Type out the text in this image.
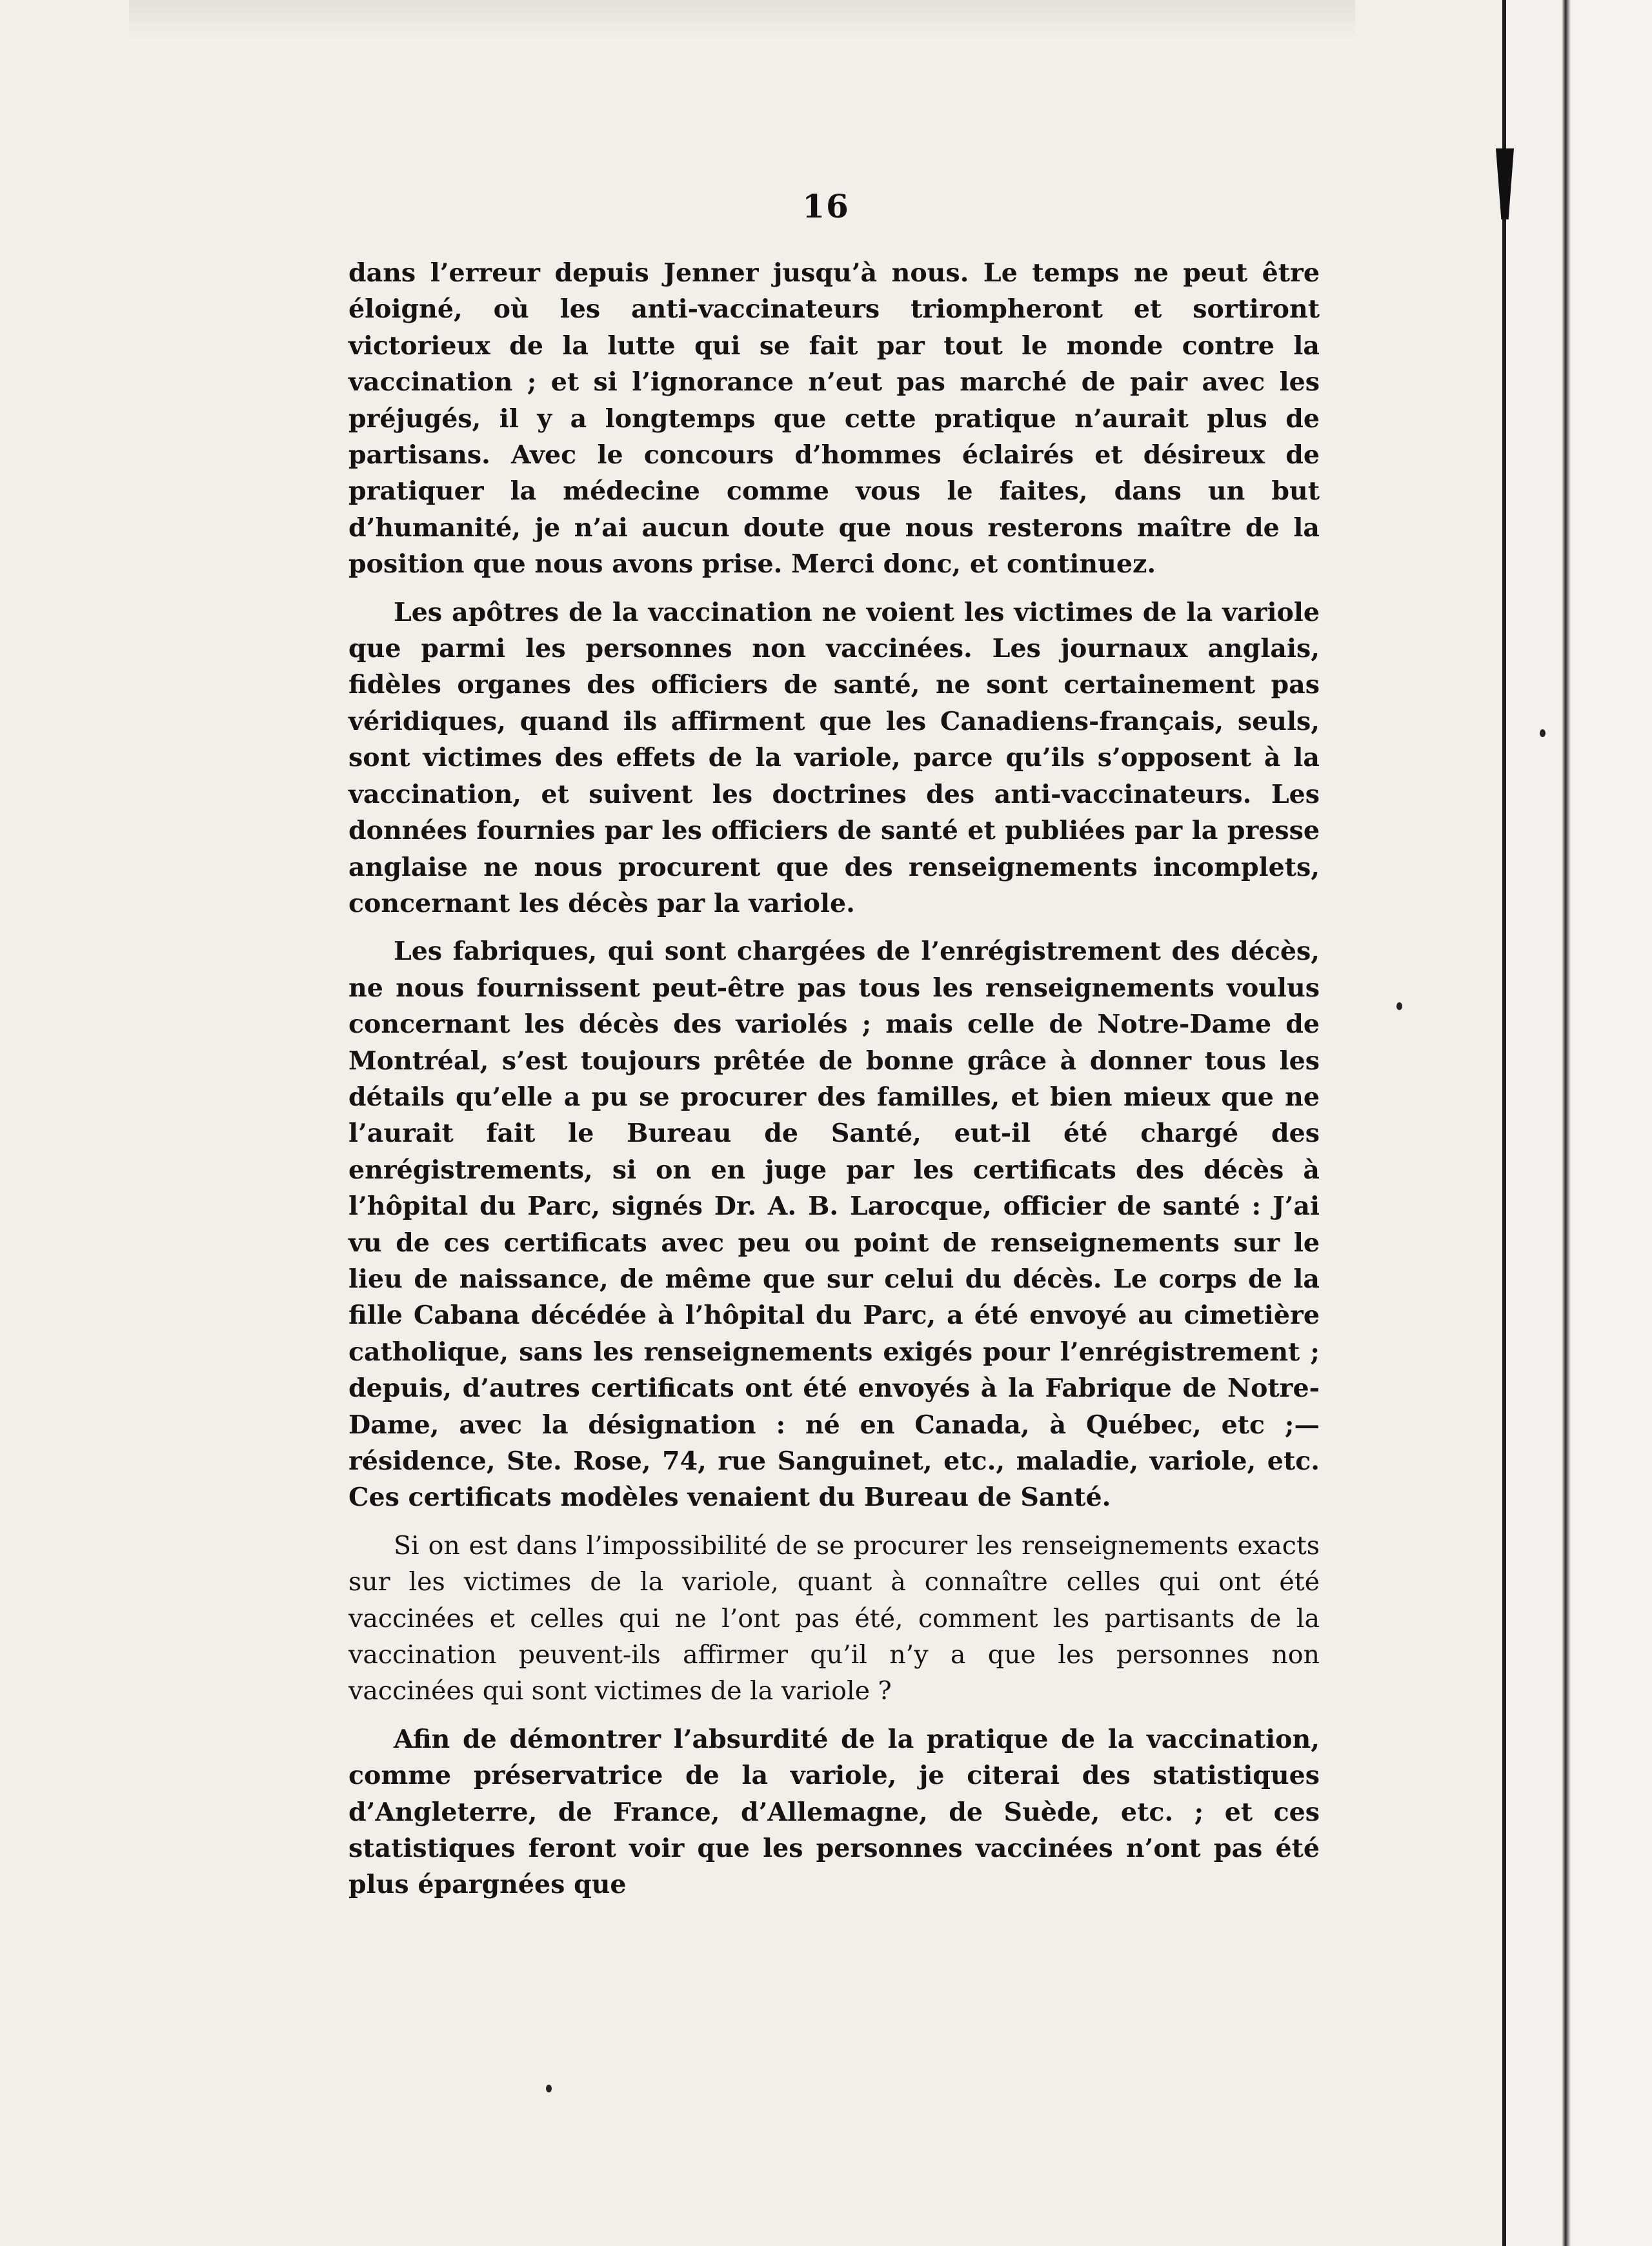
16

dans l’erreur depuis Jenner jusqu’à nous. Le temps ne peut être éloigné, où les anti-vaccinateurs triompheront et sortiront victorieux de la lutte qui se fait par tout le monde contre la vaccination ; et si l’ignorance n’eut pas marché de pair avec les préjugés, il y a longtemps que cette pratique n’aurait plus de partisans. Avec le concours d’hommes éclairés et désireux de pratiquer la médecine comme vous le faites, dans un but d’humanité, je n’ai aucun doute que nous resterons maître de la position que nous avons prise. Merci donc, et continuez.

Les apôtres de la vaccination ne voient les victimes de la variole que parmi les personnes non vaccinées. Les journaux anglais, fidèles organes des officiers de santé, ne sont certainement pas véridiques, quand ils affirment que les Canadiens-français, seuls, sont victimes des effets de la variole, parce qu’ils s’opposent à la vaccination, et suivent les doctrines des anti-vaccinateurs. Les données fournies par les officiers de santé et publiées par la presse anglaise ne nous procurent que des renseignements incomplets, concernant les décès par la variole.

Les fabriques, qui sont chargées de l’enrégistrement des décès, ne nous fournissent peut-être pas tous les renseignements voulus concernant les décès des variolés ; mais celle de Notre-Dame de Montréal, s’est toujours prêtée de bonne grâce à donner tous les détails qu’elle a pu se procurer des familles, et bien mieux que ne l’aurait fait le Bureau de Santé, eut-il été chargé des enrégistrements, si on en juge par les certificats des décès à l’hôpital du Parc, signés Dr. A. B. Larocque, officier de santé : J’ai vu de ces certificats avec peu ou point de renseignements sur le lieu de naissance, de même que sur celui du décès. Le corps de la fille Cabana décédée à l’hôpital du Parc, a été envoyé au cimetière catholique, sans les renseignements exigés pour l’enrégistrement ; depuis, d’autres certificats ont été envoyés à la Fabrique de Notre-Dame, avec la désignation : né en Canada, à Québec, etc ;—résidence, Ste. Rose, 74, rue Sanguinet, etc., maladie, variole, etc. Ces certificats modèles venaient du Bureau de Santé.

Si on est dans l’impossibilité de se procurer les renseignements exacts sur les victimes de la variole, quant à connaître celles qui ont été vaccinées et celles qui ne l’ont pas été, comment les partisants de la vaccination peuvent-ils affirmer qu’il n’y a que les personnes non vaccinées qui sont victimes de la variole ?

Afin de démontrer l’absurdité de la pratique de la vaccination, comme préservatrice de la variole, je citerai des statistiques d’Angleterre, de France, d’Allemagne, de Suède, etc. ; et ces statistiques feront voir que les personnes vaccinées n’ont pas été plus épargnées que
